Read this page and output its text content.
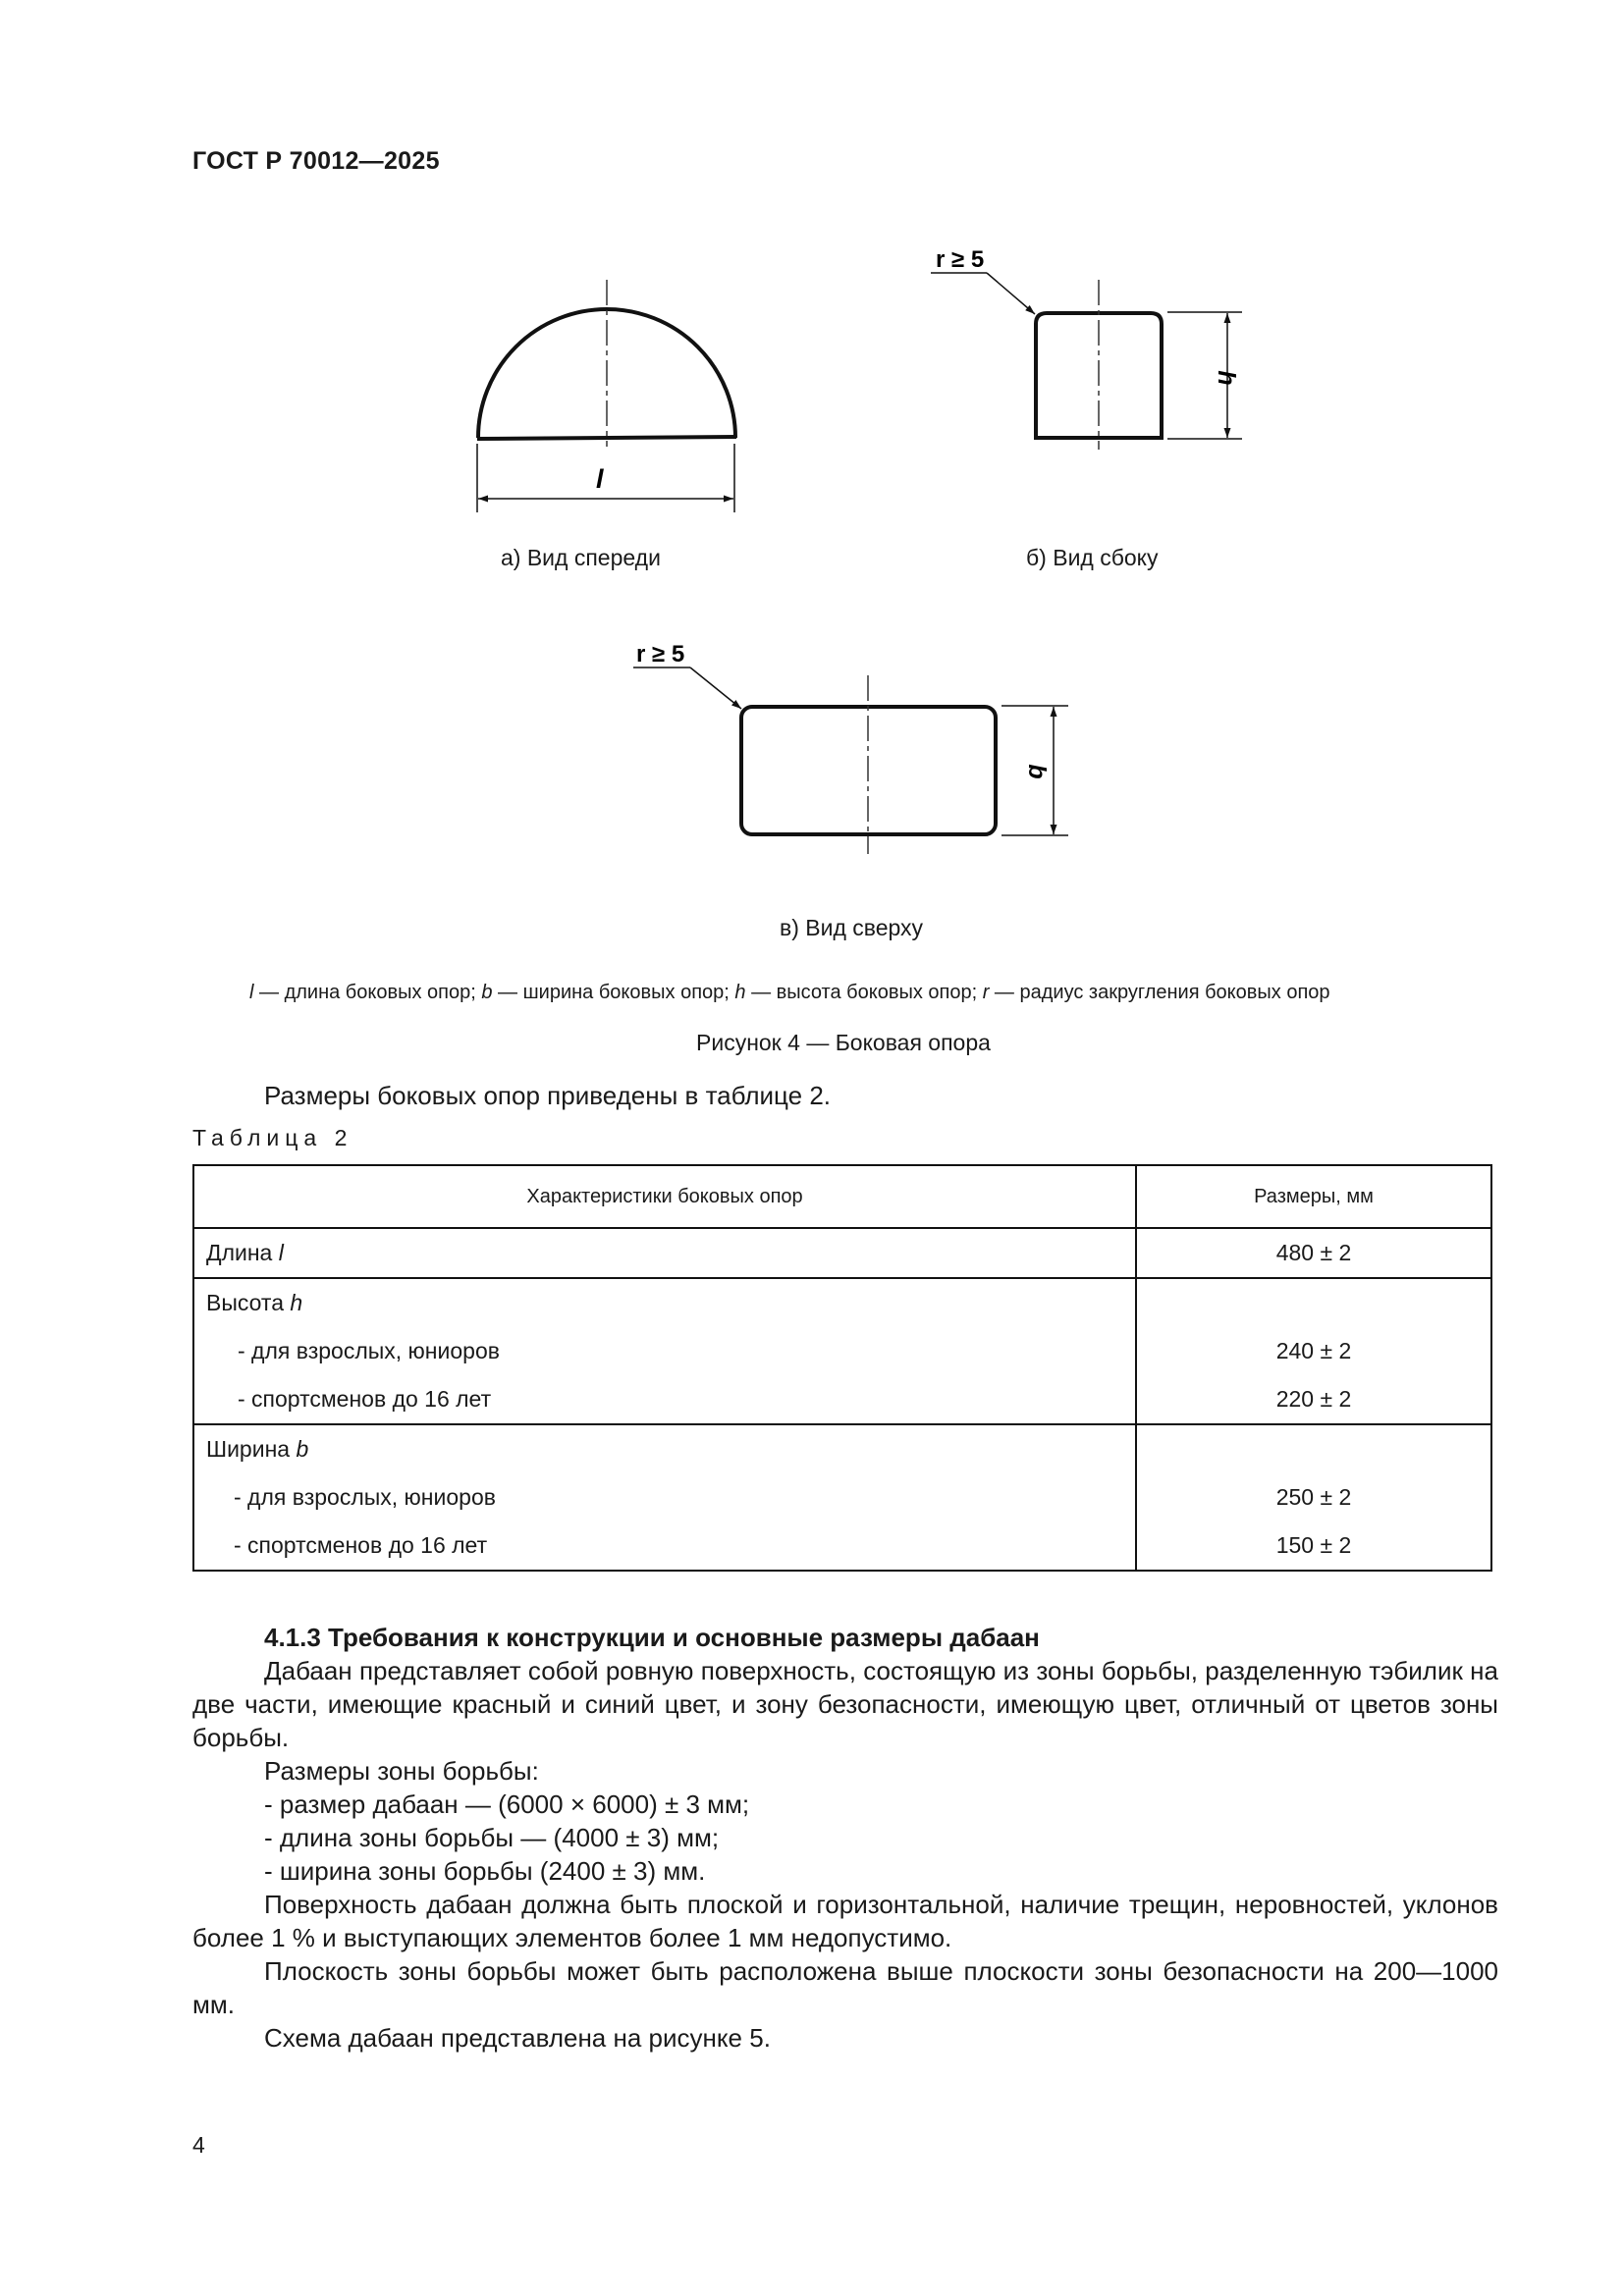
ГОСТ Р 70012—2025
l
h
r ≥ 5
b
r ≥ 5
а) Вид спереди	б) Вид сбоку
в) Вид сверху
l — длина боковых опор; b — ширина боковых опор; h — высота боковых опор; r — радиус закругления боковых опор
Рисунок 4 — Боковая опора
Размеры боковых опор приведены в таблице 2.
Таблица 2
Характеристики боковых опор	Размеры, мм
Длина l	480 ± 2
Высота h	
- для взрослых, юниоров	240 ± 2
- спортсменов до 16 лет	220 ± 2
Ширина b	
- для взрослых, юниоров	250 ± 2
- спортсменов до 16 лет	150 ± 2
4.1.3 Требования к конструкции и основные размеры дабаан
Дабаан представляет собой ровную поверхность, состоящую из зоны борьбы, разделенную тэбилик на две части, имеющие красный и синий цвет, и зону безопасности, имеющую цвет, отличный от цветов зоны борьбы.
Размеры зоны борьбы:
- размер дабаан — (6000 × 6000) ± 3 мм;
- длина зоны борьбы — (4000 ± 3) мм;
- ширина зоны борьбы (2400 ± 3) мм.
Поверхность дабаан должна быть плоской и горизонтальной, наличие трещин, неровностей, уклонов более 1 % и выступающих элементов более 1 мм недопустимо.
Плоскость зоны борьбы может быть расположена выше плоскости зоны безопасности на 200—1000 мм.
Схема дабаан представлена на рисунке 5.
4
